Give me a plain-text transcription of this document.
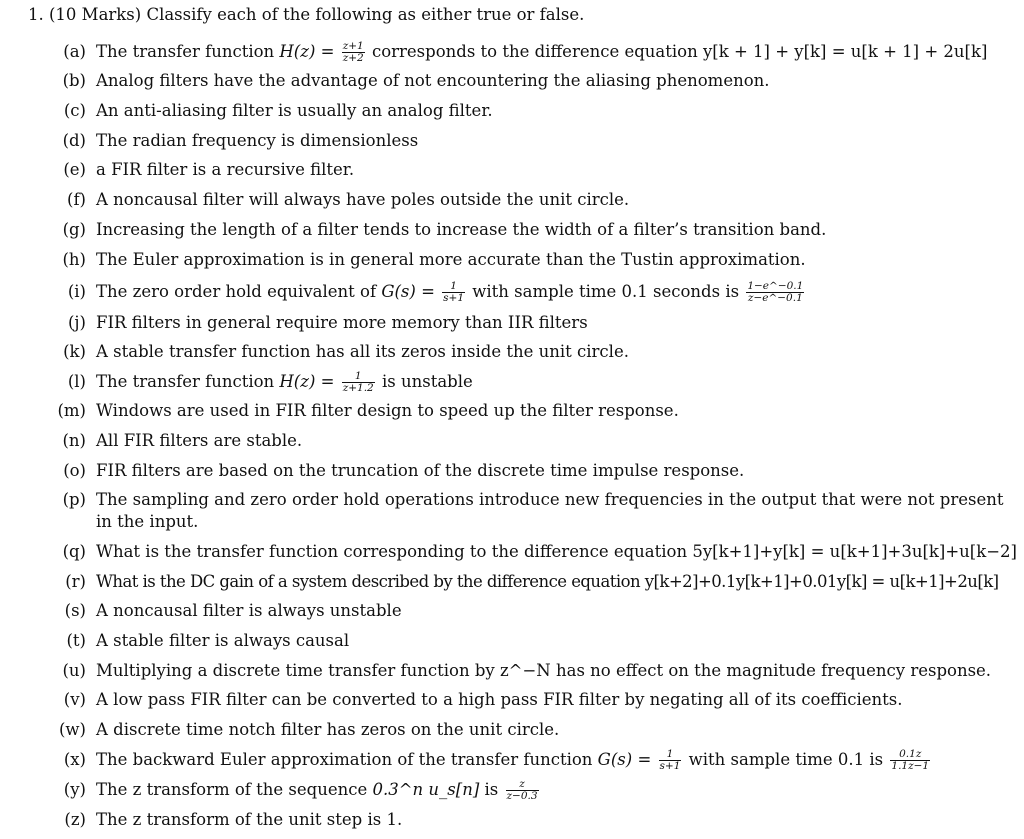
1. (10 Marks) Classify each of the following as either true or false.
(a) The transfer function $H(z) = \frac{z+1}{z+2}$ corresponds to the difference equation y[k + 1] + y[k] = u[k + 1] + 2u[k]
(b) Analog filters have the advantage of not encountering the aliasing phenomenon.
(c) An anti-aliasing filter is usually an analog filter.
(d) The radian frequency is dimensionless
(e) a FIR filter is a recursive filter.
(f) A noncausal filter will always have poles outside the unit circle.
(g) Increasing the length of a filter tends to increase the width of a filter’s transition band.
(h) The Euler approximation is in general more accurate than the Tustin approximation.
(i) The zero order hold equivalent of $G(s) = \frac{1}{s+1}$ with sample time 0.1 seconds is $\frac{1-e\^{}-0.1}{z-e\^{}-0.1}$
(j) FIR filters in general require more memory than IIR filters
(k) A stable transfer function has all its zeros inside the unit circle.
(l) The transfer function $H(z) = \frac{1}{z+1.2}$ is unstable
(m) Windows are used in FIR filter design to speed up the filter response.
(n) All FIR filters are stable.
(o) FIR filters are based on the truncation of the discrete time impulse response.
(p) The sampling and zero order hold operations introduce new frequencies in the output that were not present in the input.
(q) What is the transfer function corresponding to the difference equation 5y[k+1]+y[k] = u[k+1]+3u[k]+u[k−2]
(r) What is the DC gain of a system described by the difference equation y[k+2]+0.1y[k+1]+0.01y[k] = u[k+1]+2u[k]
(s) A noncausal filter is always unstable
(t) A stable filter is always causal
(u) Multiplying a discrete time transfer function by z^−N has no effect on the magnitude frequency response.
(v) A low pass FIR filter can be converted to a high pass FIR filter by negating all of its coefficients.
(w) A discrete time notch filter has zeros on the unit circle.
(x) The backward Euler approximation of the transfer function $G(s) = \frac{1}{s+1}$ with sample time 0.1 is $\frac{0.1z}{1.1z-1}$
(y) The z transform of the sequence 0.3^n u_s[n] is $\frac{z}{z-0.3}$
(z) The z transform of the unit step is 1.
